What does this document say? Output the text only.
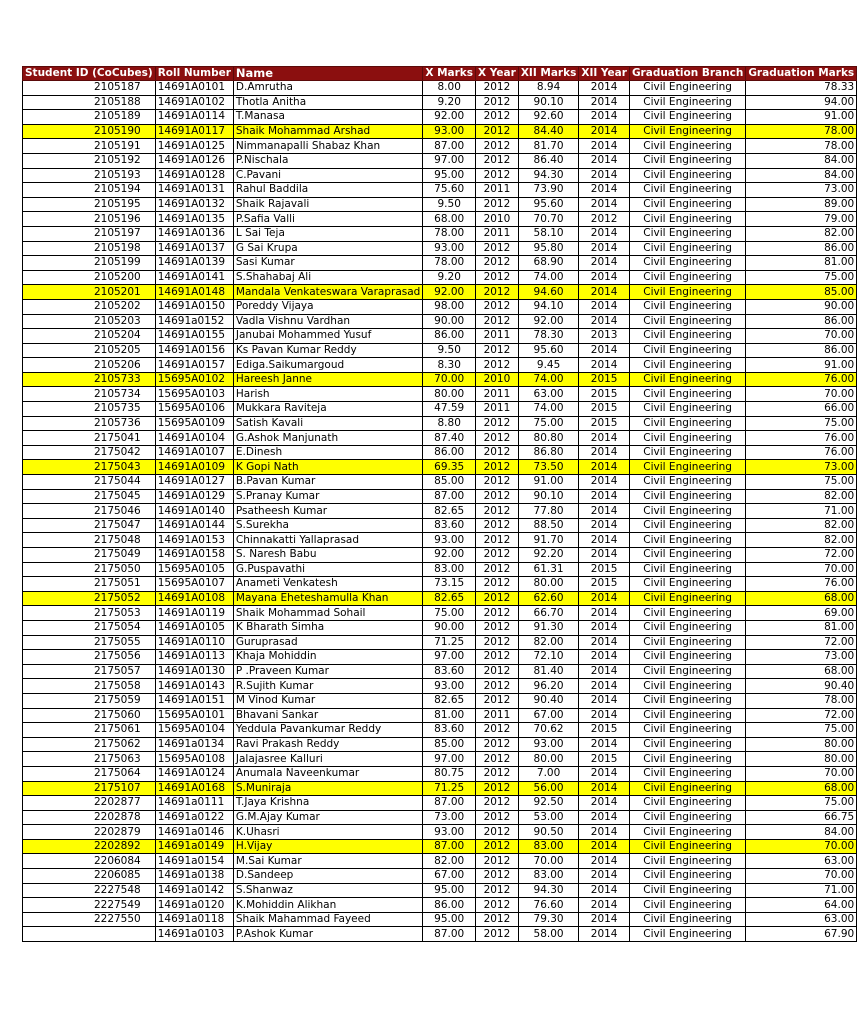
Student ID (CoCubes)	Roll Number	Name	X Marks	X Year	XII Marks	XII Year	Graduation Branch	Graduation Marks
2105187	14691A0101	D.Amrutha	8.00	2012	8.94	2014	Civil Engineering	78.33
2105188	14691A0102	Thotla Anitha	9.20	2012	90.10	2014	Civil Engineering	94.00
2105189	14691A0114	T.Manasa	92.00	2012	92.60	2014	Civil Engineering	91.00
2105190	14691A0117	Shaik Mohammad Arshad	93.00	2012	84.40	2014	Civil Engineering	78.00
2105191	14691A0125	Nimmanapalli Shabaz Khan	87.00	2012	81.70	2014	Civil Engineering	78.00
2105192	14691A0126	P.Nischala	97.00	2012	86.40	2014	Civil Engineering	84.00
2105193	14691A0128	C.Pavani	95.00	2012	94.30	2014	Civil Engineering	84.00
2105194	14691A0131	Rahul Baddila	75.60	2011	73.90	2014	Civil Engineering	73.00
2105195	14691A0132	Shaik Rajavali	9.50	2012	95.60	2014	Civil Engineering	89.00
2105196	14691A0135	P.Safia Valli	68.00	2010	70.70	2012	Civil Engineering	79.00
2105197	14691A0136	L Sai Teja	78.00	2011	58.10	2014	Civil Engineering	82.00
2105198	14691A0137	G Sai Krupa	93.00	2012	95.80	2014	Civil Engineering	86.00
2105199	14691A0139	Sasi Kumar	78.00	2012	68.90	2014	Civil Engineering	81.00
2105200	14691A0141	S.Shahabaj Ali	9.20	2012	74.00	2014	Civil Engineering	75.00
2105201	14691A0148	Mandala Venkateswara Varaprasad	92.00	2012	94.60	2014	Civil Engineering	85.00
2105202	14691A0150	Poreddy Vijaya	98.00	2012	94.10	2014	Civil Engineering	90.00
2105203	14691a0152	Vadla Vishnu Vardhan	90.00	2012	92.00	2014	Civil Engineering	86.00
2105204	14691A0155	Janubai Mohammed Yusuf	86.00	2011	78.30	2013	Civil Engineering	70.00
2105205	14691A0156	Ks Pavan Kumar Reddy	9.50	2012	95.60	2014	Civil Engineering	86.00
2105206	14691A0157	Ediga.Saikumargoud	8.30	2012	9.45	2014	Civil Engineering	91.00
2105733	15695A0102	Hareesh Janne	70.00	2010	74.00	2015	Civil Engineering	76.00
2105734	15695A0103	Harish	80.00	2011	63.00	2015	Civil Engineering	70.00
2105735	15695A0106	Mukkara Raviteja	47.59	2011	74.00	2015	Civil Engineering	66.00
2105736	15695A0109	Satish Kavali	8.80	2012	75.00	2015	Civil Engineering	75.00
2175041	14691A0104	G.Ashok Manjunath	87.40	2012	80.80	2014	Civil Engineering	76.00
2175042	14691A0107	E.Dinesh	86.00	2012	86.80	2014	Civil Engineering	76.00
2175043	14691A0109	K Gopi Nath	69.35	2012	73.50	2014	Civil Engineering	73.00
2175044	14691A0127	B.Pavan Kumar	85.00	2012	91.00	2014	Civil Engineering	75.00
2175045	14691A0129	S.Pranay Kumar	87.00	2012	90.10	2014	Civil Engineering	82.00
2175046	14691A0140	Psatheesh Kumar	82.65	2012	77.80	2014	Civil Engineering	71.00
2175047	14691A0144	S.Surekha	83.60	2012	88.50	2014	Civil Engineering	82.00
2175048	14691A0153	Chinnakatti Yallaprasad	93.00	2012	91.70	2014	Civil Engineering	82.00
2175049	14691A0158	S. Naresh Babu	92.00	2012	92.20	2014	Civil Engineering	72.00
2175050	15695A0105	G.Puspavathi	83.00	2012	61.31	2015	Civil Engineering	70.00
2175051	15695A0107	Anameti Venkatesh	73.15	2012	80.00	2015	Civil Engineering	76.00
2175052	14691A0108	Mayana Eheteshamulla Khan	82.65	2012	62.60	2014	Civil Engineering	68.00
2175053	14691A0119	Shaik Mohammad Sohail	75.00	2012	66.70	2014	Civil Engineering	69.00
2175054	14691A0105	K Bharath Simha	90.00	2012	91.30	2014	Civil Engineering	81.00
2175055	14691A0110	Guruprasad	71.25	2012	82.00	2014	Civil Engineering	72.00
2175056	14691A0113	Khaja Mohiddin	97.00	2012	72.10	2014	Civil Engineering	73.00
2175057	14691A0130	P .Praveen Kumar	83.60	2012	81.40	2014	Civil Engineering	68.00
2175058	14691A0143	R.Sujith Kumar	93.00	2012	96.20	2014	Civil Engineering	90.40
2175059	14691A0151	M Vinod Kumar	82.65	2012	90.40	2014	Civil Engineering	78.00
2175060	15695A0101	Bhavani Sankar	81.00	2011	67.00	2014	Civil Engineering	72.00
2175061	15695A0104	Yeddula Pavankumar Reddy	83.60	2012	70.62	2015	Civil Engineering	75.00
2175062	14691a0134	Ravi Prakash Reddy	85.00	2012	93.00	2014	Civil Engineering	80.00
2175063	15695A0108	Jalajasree Kalluri	97.00	2012	80.00	2015	Civil Engineering	80.00
2175064	14691A0124	Anumala Naveenkumar	80.75	2012	7.00	2014	Civil Engineering	70.00
2175107	14691A0168	S.Muniraja	71.25	2012	56.00	2014	Civil Engineering	68.00
2202877	14691a0111	T.Jaya Krishna	87.00	2012	92.50	2014	Civil Engineering	75.00
2202878	14691a0122	G.M.Ajay Kumar	73.00	2012	53.00	2014	Civil Engineering	66.75
2202879	14691a0146	K.Uhasri	93.00	2012	90.50	2014	Civil Engineering	84.00
2202892	14691a0149	H.Vijay	87.00	2012	83.00	2014	Civil Engineering	70.00
2206084	14691a0154	M.Sai Kumar	82.00	2012	70.00	2014	Civil Engineering	63.00
2206085	14691a0138	D.Sandeep	67.00	2012	83.00	2014	Civil Engineering	70.00
2227548	14691a0142	S.Shanwaz	95.00	2012	94.30	2014	Civil Engineering	71.00
2227549	14691a0120	K.Mohiddin Alikhan	86.00	2012	76.60	2014	Civil Engineering	64.00
2227550	14691a0118	Shaik Mahammad Fayeed	95.00	2012	79.30	2014	Civil Engineering	63.00
	14691a0103	P.Ashok Kumar	87.00	2012	58.00	2014	Civil Engineering	67.90
